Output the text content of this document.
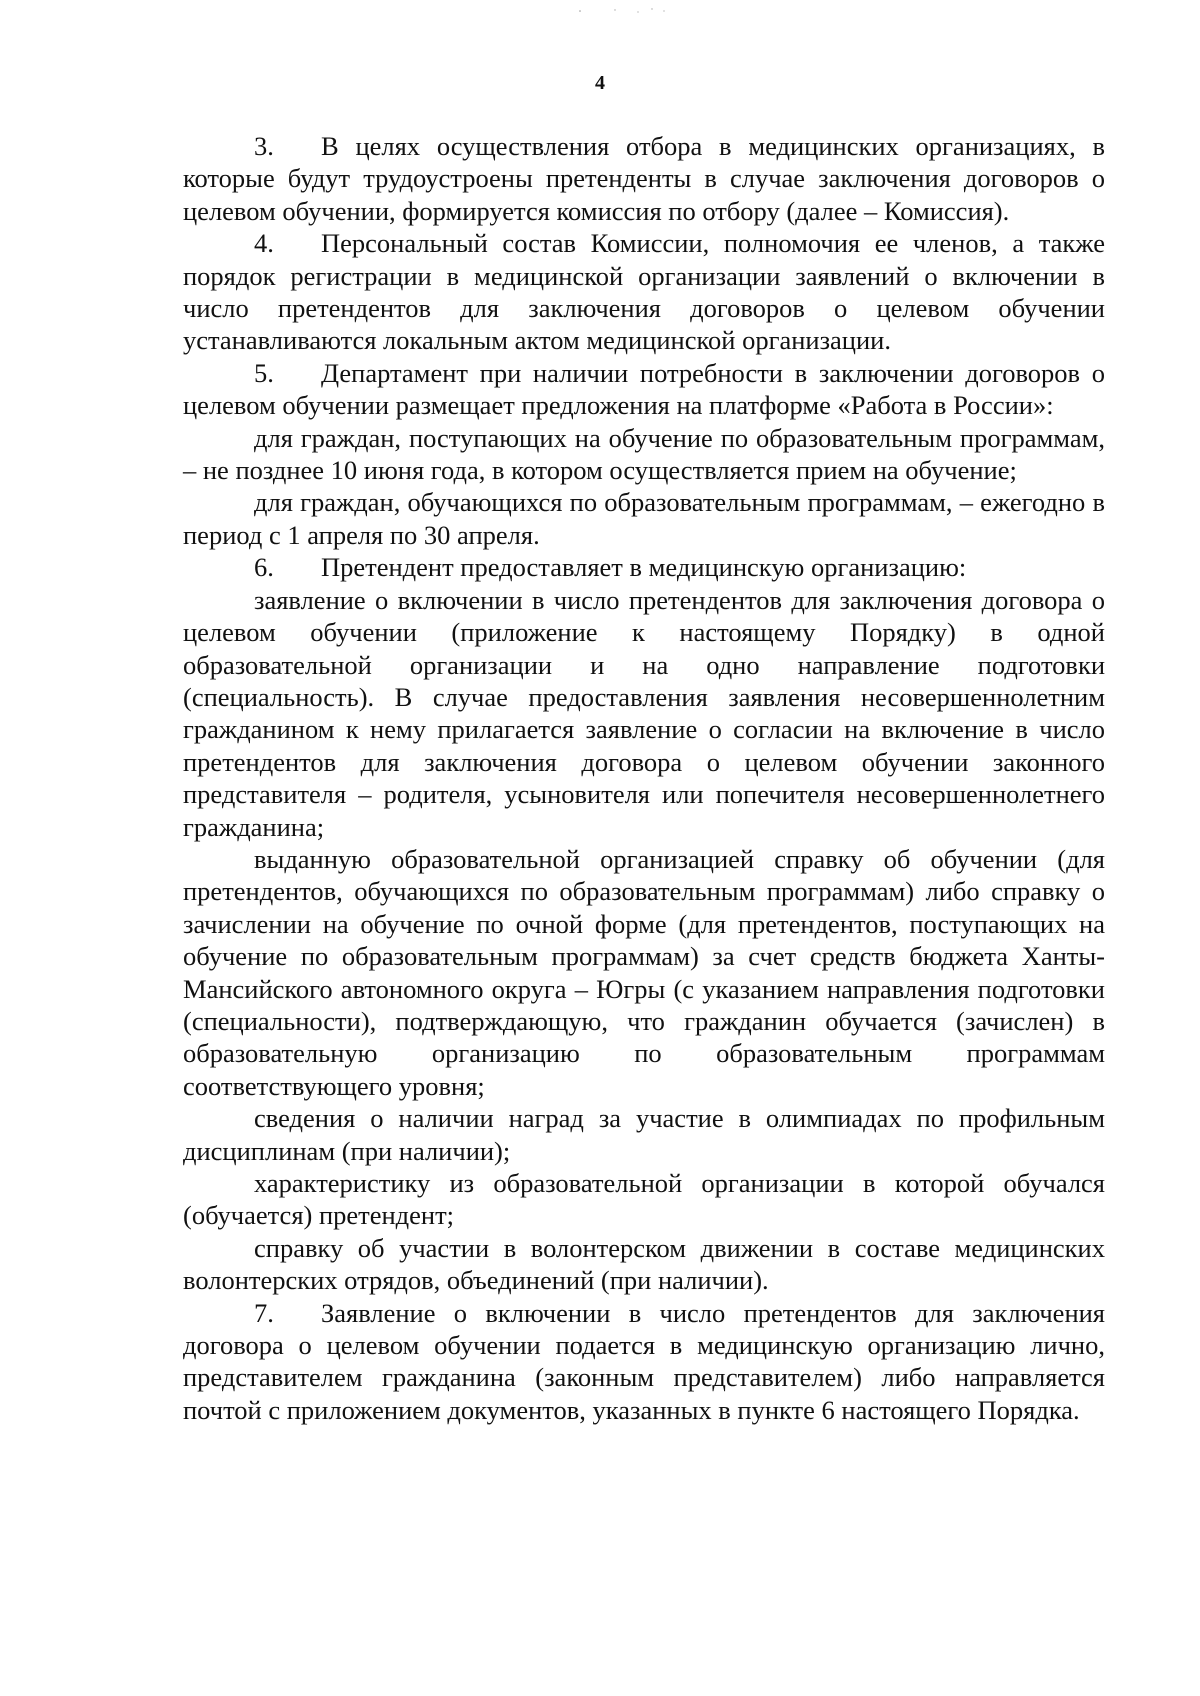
4

3. В целях осуществления отбора в медицинских организациях, в которые будут трудоустроены претенденты в случае заключения договоров о целевом обучении, формируется комиссия по отбору (далее – Комиссия).

4. Персональный состав Комиссии, полномочия ее членов, а также порядок регистрации в медицинской организации заявлений о включении в число претендентов для заключения договоров о целевом обучении устанавливаются локальным актом медицинской организации.

5. Департамент при наличии потребности в заключении договоров о целевом обучении размещает предложения на платформе «Работа в России»:

для граждан, поступающих на обучение по образовательным программам, – не позднее 10 июня года, в котором осуществляется прием на обучение;

для граждан, обучающихся по образовательным программам, – ежегодно в период с 1 апреля по 30 апреля.

6. Претендент предоставляет в медицинскую организацию:

заявление о включении в число претендентов для заключения договора о целевом обучении (приложение к настоящему Порядку) в одной образовательной организации и на одно направление подготовки (специальность). В случае предоставления заявления несовершеннолетним гражданином к нему прилагается заявление о согласии на включение в число претендентов для заключения договора о целевом обучении законного представителя – родителя, усыновителя или попечителя несовершеннолетнего гражданина;

выданную образовательной организацией справку об обучении (для претендентов, обучающихся по образовательным программам) либо справку о зачислении на обучение по очной форме (для претендентов, поступающих на обучение по образовательным программам) за счет средств бюджета Ханты-Мансийского автономного округа – Югры (с указанием направления подготовки (специальности), подтверждающую, что гражданин обучается (зачислен) в образовательную организацию по образовательным программам соответствующего уровня;

сведения о наличии наград за участие в олимпиадах по профильным дисциплинам (при наличии);

характеристику из образовательной организации в которой обучался (обучается) претендент;

справку об участии в волонтерском движении в составе медицинских волонтерских отрядов, объединений (при наличии).

7. Заявление о включении в число претендентов для заключения договора о целевом обучении подается в медицинскую организацию лично, представителем гражданина (законным представителем) либо направляется почтой с приложением документов, указанных в пункте 6 настоящего Порядка.
